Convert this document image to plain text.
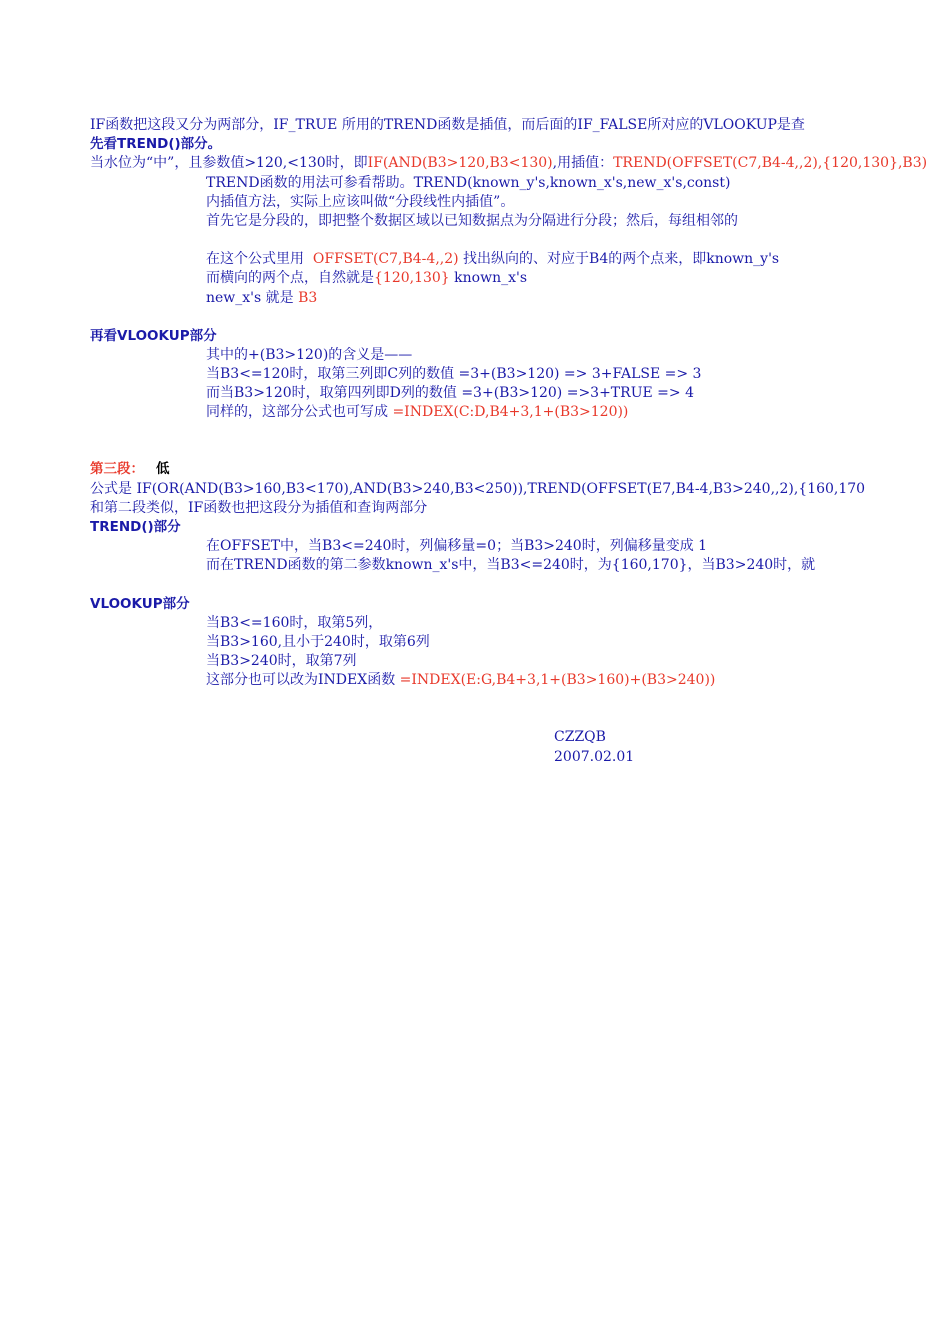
IF函数把这段又分为两部分，IF_TRUE 所用的TREND函数是插值，而后面的IF_FALSE所对应的VLOOKUP是查
先看TREND()部分。
当水位为“中”，且参数值>120,<130时，即IF(AND(B3>120,B3<130),用插值：TREND(OFFSET(C7,B4-4,,2),{120,130},B3)
TREND函数的用法可参看帮助。TREND(known_y's,known_x's,new_x's,const)
内插值方法，实际上应该叫做“分段线性内插值”。
首先它是分段的，即把整个数据区域以已知数据点为分隔进行分段；然后，每组相邻的
在这个公式里用  OFFSET(C7,B4-4,,2) 找出纵向的、对应于B4的两个点来，即known_y's
而横向的两个点，自然就是{120,130} known_x's
new_x's 就是 B3
再看VLOOKUP部分
其中的+(B3>120)的含义是——
当B3<=120时，取第三列即C列的数值 =3+(B3>120) => 3+FALSE => 3
而当B3>120时，取第四列即D列的数值 =3+(B3>120) =>3+TRUE => 4
同样的，这部分公式也可写成 =INDEX(C:D,B4+3,1+(B3>120))
第三段： 低
公式是 IF(OR(AND(B3>160,B3<170),AND(B3>240,B3<250)),TREND(OFFSET(E7,B4-4,B3>240,,2),{160,170
和第二段类似，IF函数也把这段分为插值和查询两部分
TREND()部分
在OFFSET中，当B3<=240时，列偏移量=0；当B3>240时，列偏移量变成 1
而在TREND函数的第二参数known_x's中，当B3<=240时，为{160,170}，当B3>240时，就
VLOOKUP部分
当B3<=160时，取第5列，
当B3>160,且小于240时，取第6列
当B3>240时，取第7列
这部分也可以改为INDEX函数 =INDEX(E:G,B4+3,1+(B3>160)+(B3>240))
CZZQB
2007.02.01
